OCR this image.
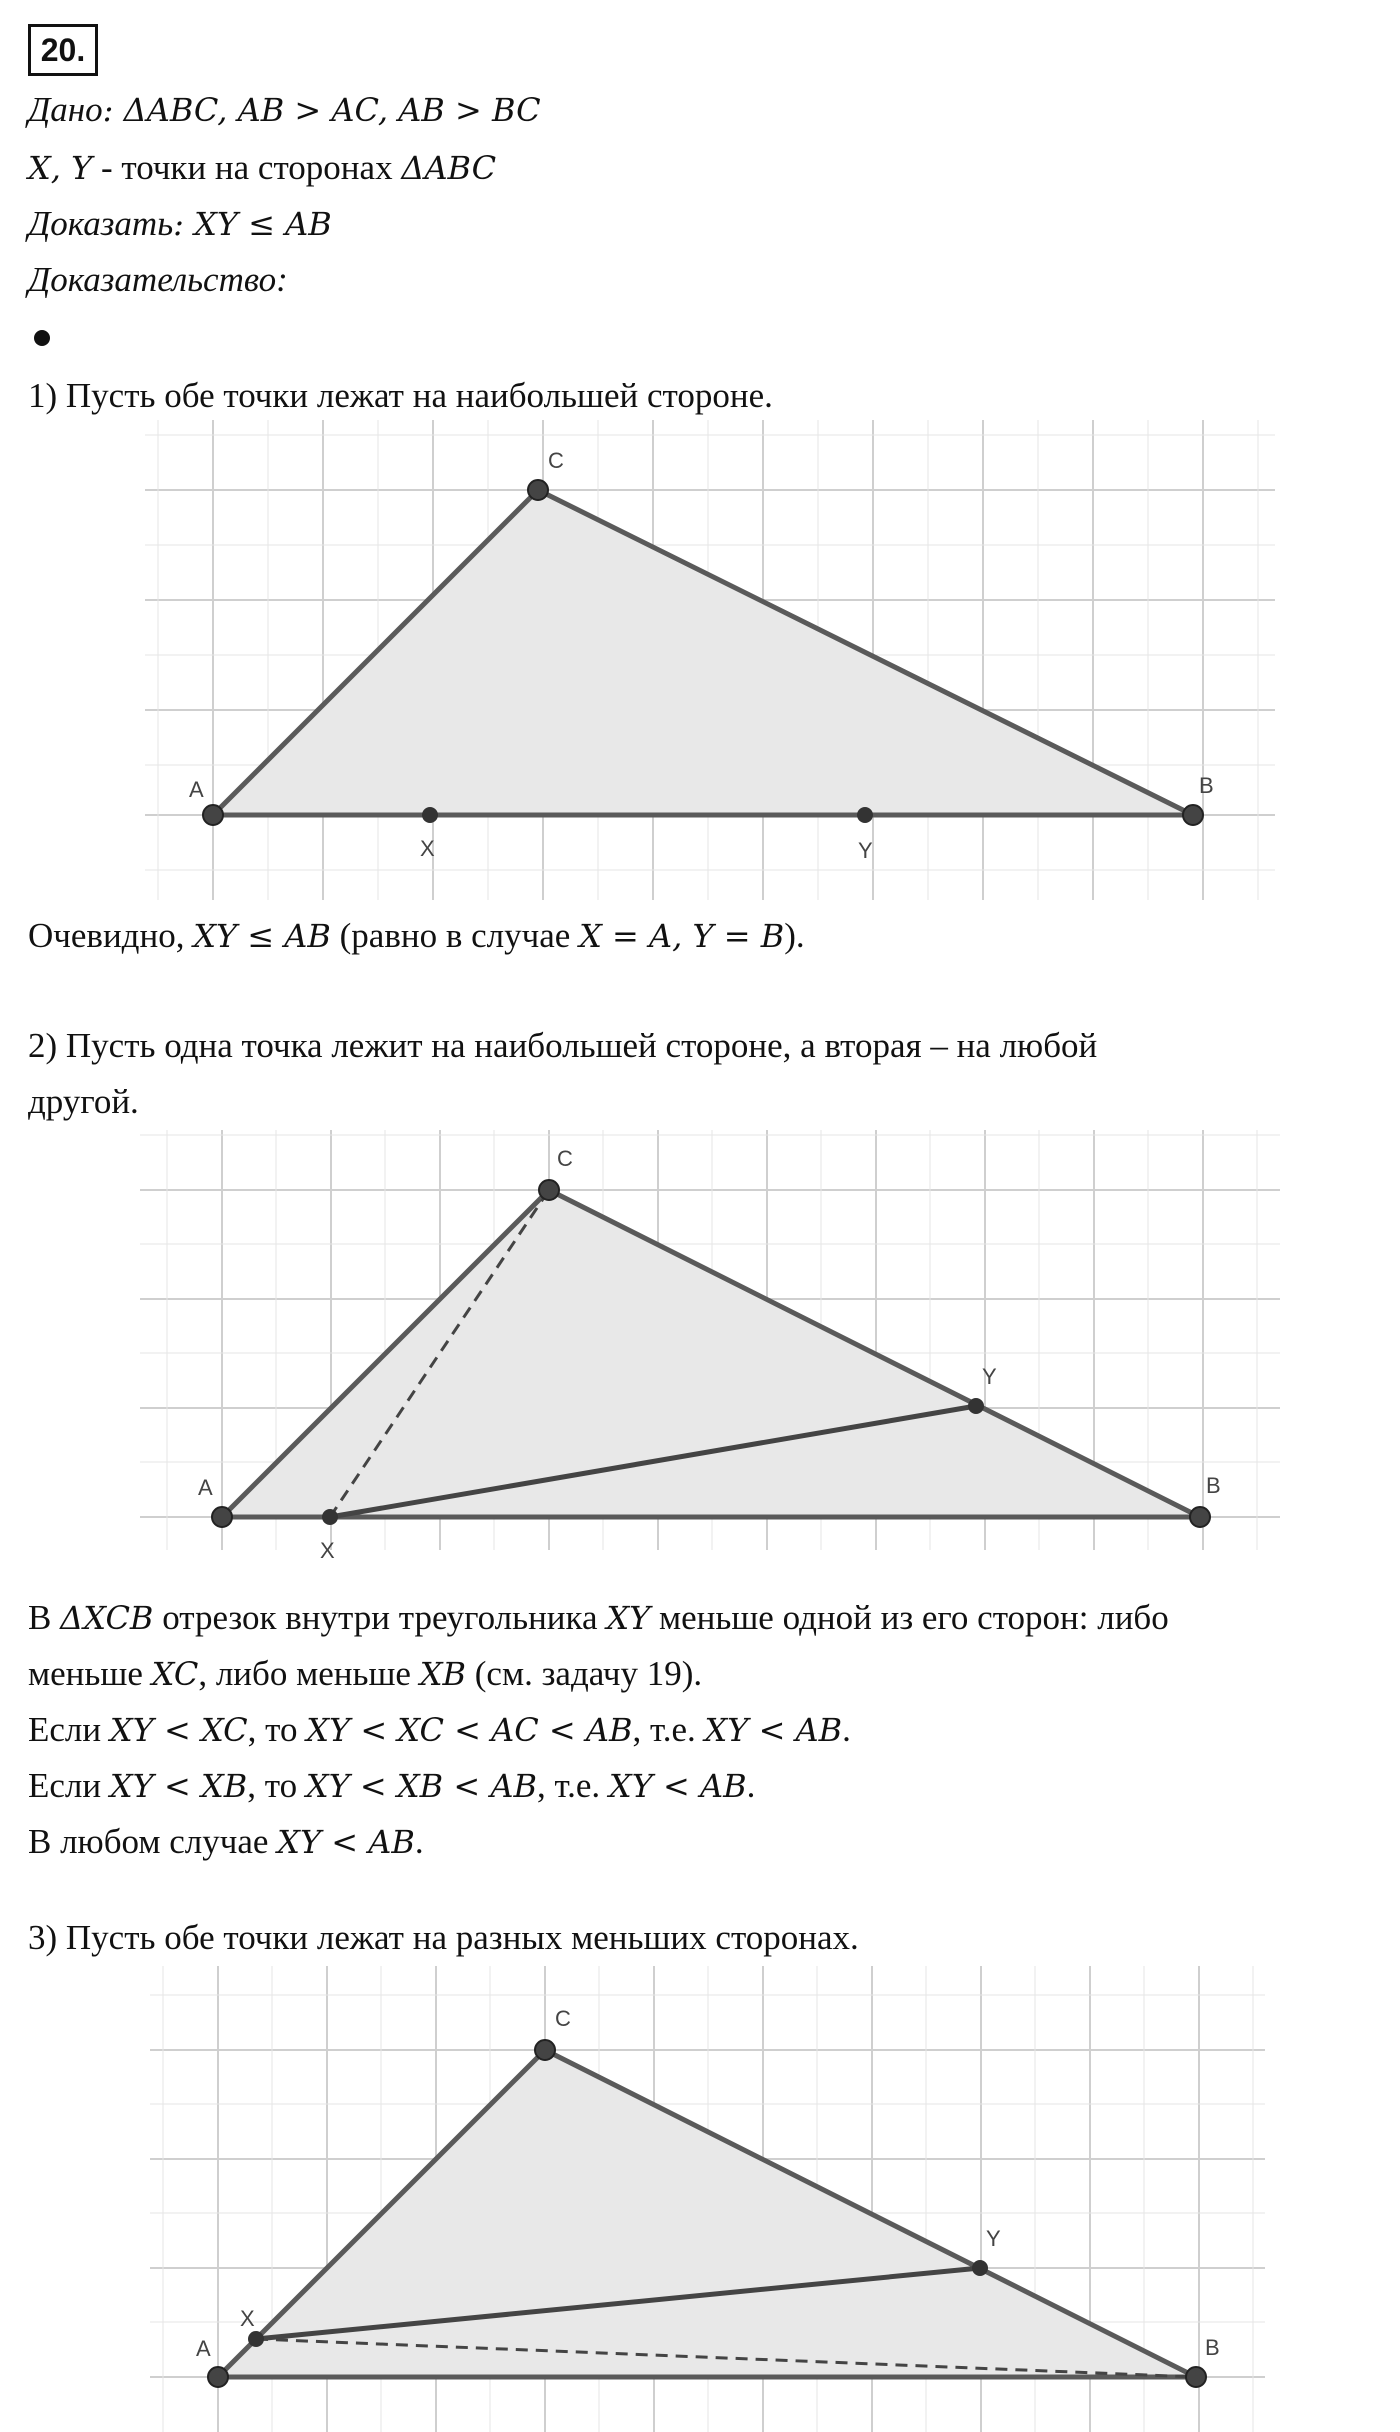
20.
Дано: ΔABC, AB > AC, AB > BC
X, Y - точки на сторонах ΔABC
Доказать: XY ≤ AB
Доказательство:
1) Пусть обе точки лежат на наибольшей стороне.
A	B
C
X	Y
Очевидно, XY ≤ AB (равно в случае X = A, Y = B).
2) Пусть одна точка лежит на наибольшей стороне, а вторая – на любой
другой.
A	B
C
X
Y
В ΔXCB отрезок внутри треугольника XY меньше одной из его сторон: либо
меньше XC, либо меньше XB (см. задачу 19).
Если XY < XC, то XY < XC < AC < AB, т.е. XY < AB.
Если XY < XB, то XY < XB < AB, т.е. XY < AB.
В любом случае XY < AB.
3) Пусть обе точки лежат на разных меньших сторонах.
A	B
C
X
Y
